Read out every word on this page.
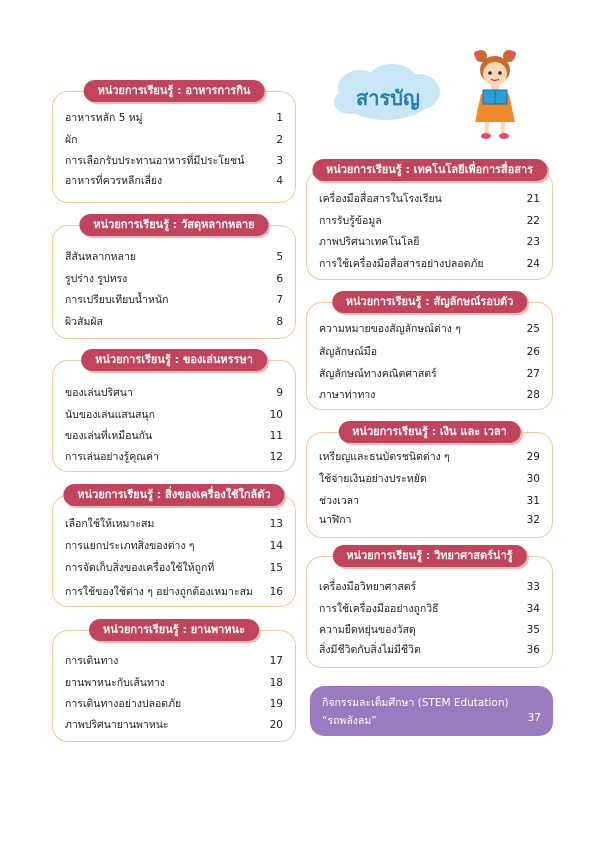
สารบัญ
หน่วยการเรียนรู้ : อาหารการกิน
อาหารหลัก 5 หมู่	1
ผัก	2
การเลือกรับประทานอาหารที่มีประโยชน์	3
อาหารที่ควรหลีกเลี่ยง	4
หน่วยการเรียนรู้ : วัสดุหลากหลาย
สีสันหลากหลาย	5
รูปร่าง รูปทรง	6
การเปรียบเทียบน้ำหนัก	7
ผิวสัมผัส	8
หน่วยการเรียนรู้ : ของเล่นหรรษา
ของเล่นปริศนา	9
นับของเล่นแสนสนุก	10
ของเล่นที่เหมือนกัน	11
การเล่นอย่างรู้คุณค่า	12
หน่วยการเรียนรู้ : สิ่งของเครื่องใช้ใกล้ตัว
เลือกใช้ให้เหมาะสม	13
การแยกประเภทสิ่งของต่าง ๆ	14
การจัดเก็บสิ่งของเครื่องใช้ให้ถูกที่	15
การใช้ของใช้ต่าง ๆ อย่างถูกต้องเหมาะสม 16
หน่วยการเรียนรู้ : ยานพาหนะ
การเดินทาง	17
ยานพาหนะกับเส้นทาง	18
การเดินทางอย่างปลอดภัย	19
ภาพปริศนายานพาหนะ	20
หน่วยการเรียนรู้ : เทคโนโลยีเพื่อการสื่อสาร
เครื่องมือสื่อสารในโรงเรียน	21
การรับรู้ข้อมูล	22
ภาพปริศนาเทคโนโลยี	23
การใช้เครื่องมือสื่อสารอย่างปลอดภัย	24
หน่วยการเรียนรู้ : สัญลักษณ์รอบตัว
ความหมายของสัญลักษณ์ต่าง ๆ	25
สัญลักษณ์มือ	26
สัญลักษณ์ทางคณิตศาสตร์	27
ภาษาท่าทาง	28
หน่วยการเรียนรู้ : เงิน และ เวลา
เหรียญและธนบัตรชนิดต่าง ๆ	29
ใช้จ่ายเงินอย่างประหยัด	30
ช่วงเวลา	31
นาฬิกา	32
หน่วยการเรียนรู้ : วิทยาศาสตร์น่ารู้
เครื่องมือวิทยาศาสตร์	33
การใช้เครื่องมืออย่างถูกวิธี	34
ความยืดหยุ่นของวัสดุ	35
สิ่งมีชีวิตกับสิ่งไม่มีชีวิต	36
กิจกรรมละเต็มศึกษา (STEM Edutation)
“รถพลังลม”	37
